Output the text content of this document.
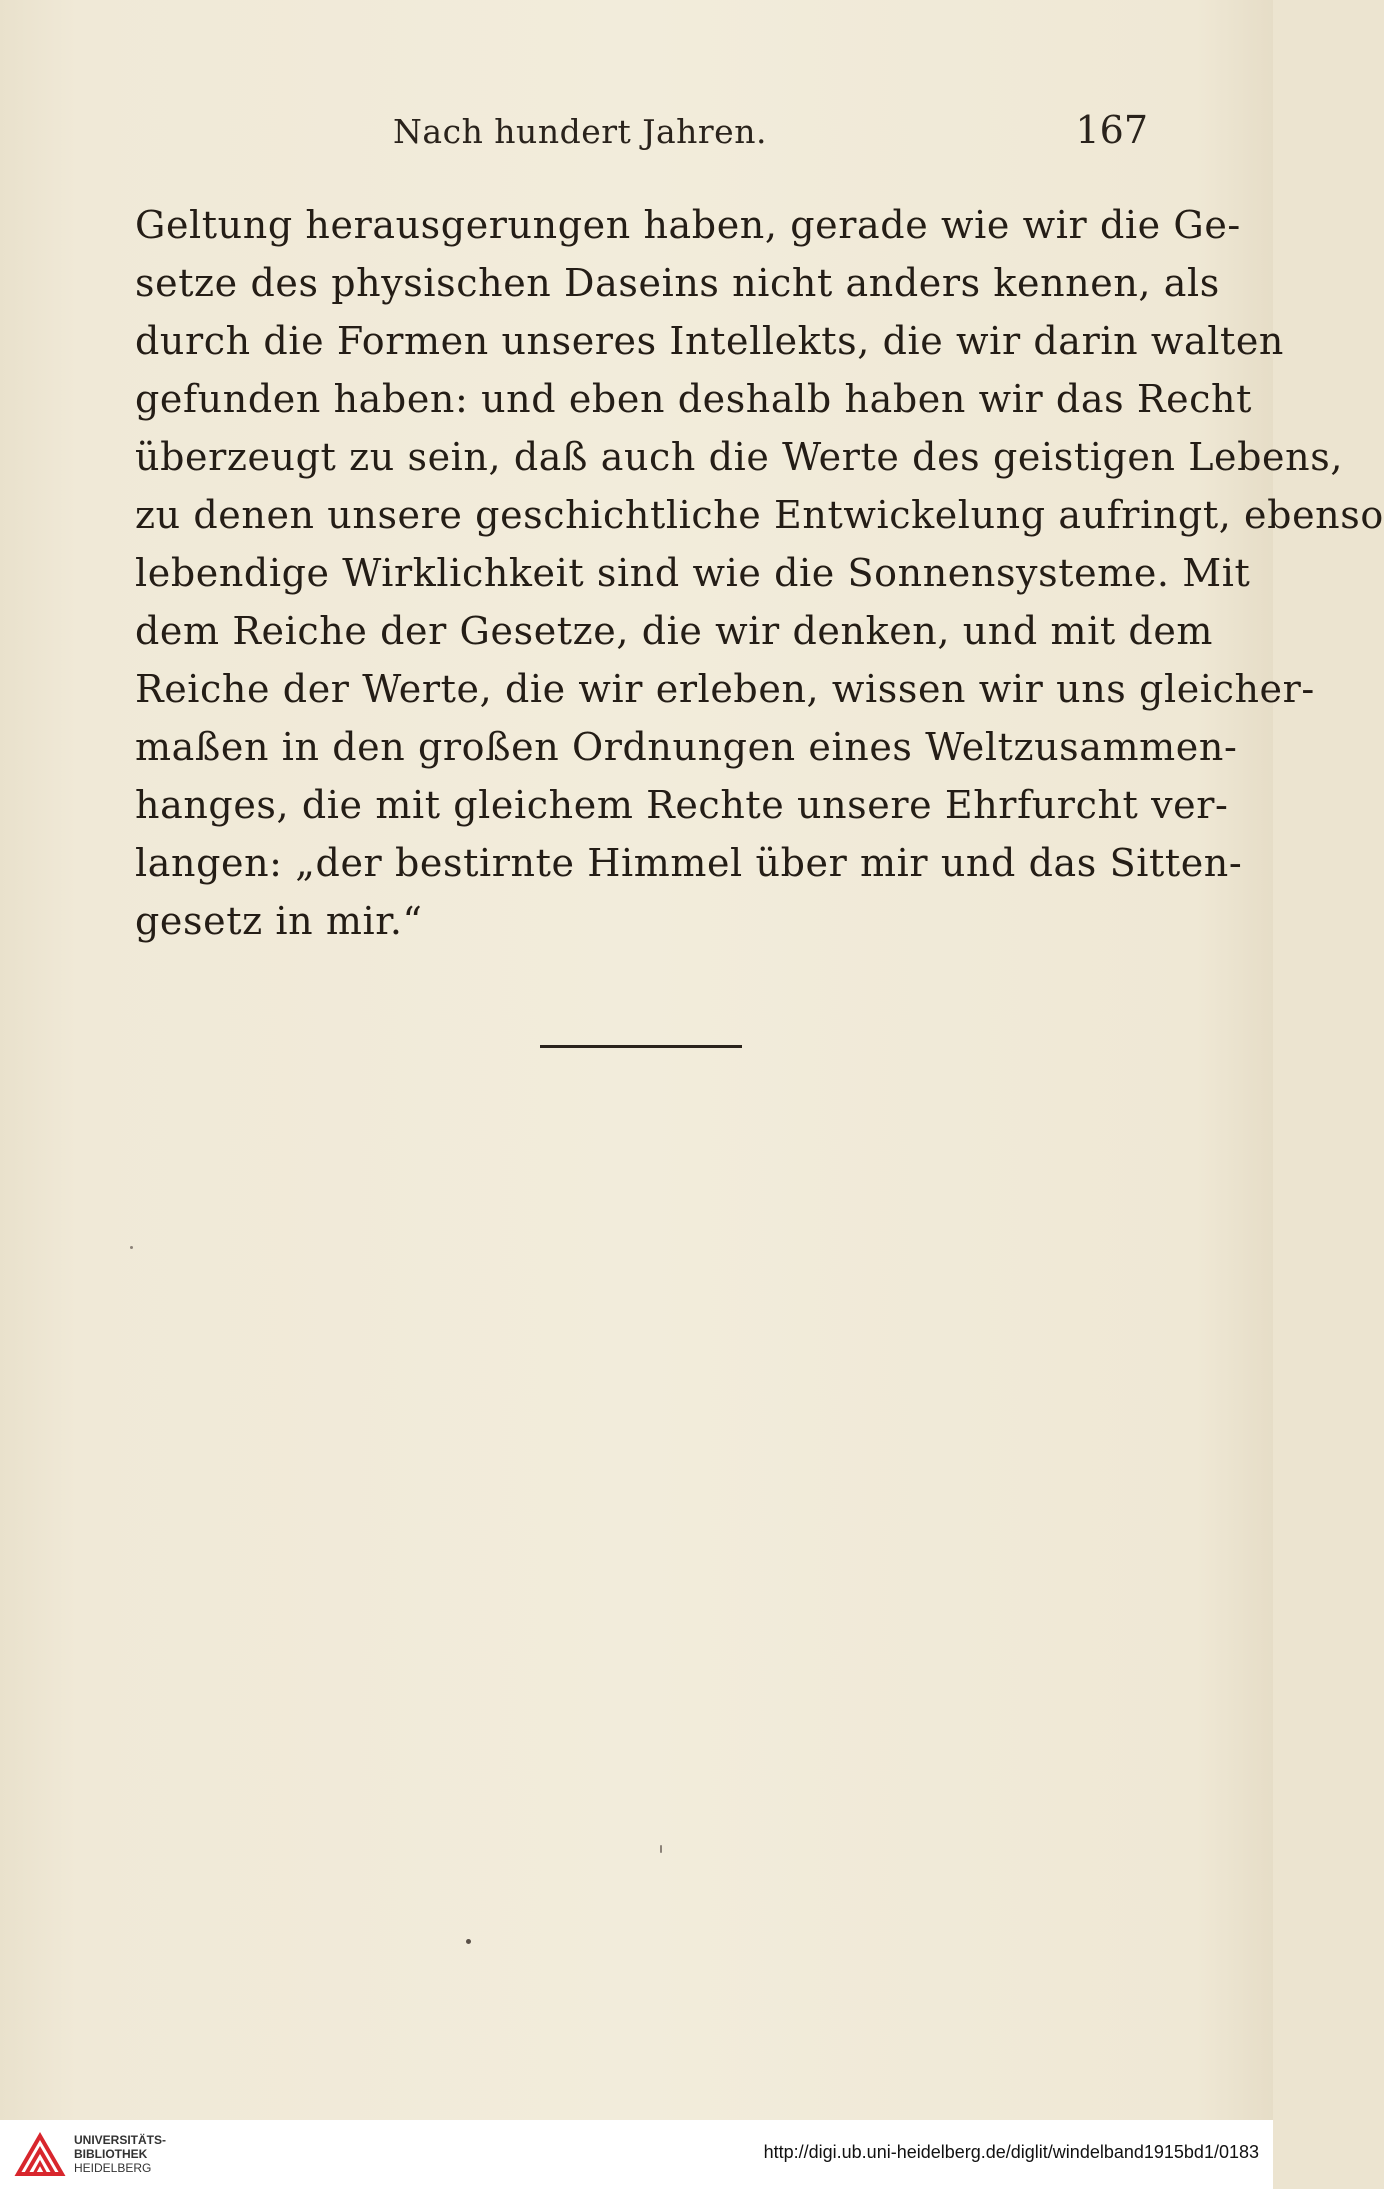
Nach hundert Jahren.	167
Geltung herausgerungen haben, gerade wie wir die Ge-
setze des physischen Daseins nicht anders kennen, als
durch die Formen unseres Intellekts, die wir darin walten
gefunden haben: und eben deshalb haben wir das Recht
überzeugt zu sein, daß auch die Werte des geistigen Lebens,
zu denen unsere geschichtliche Entwickelung aufringt, ebenso
lebendige Wirklichkeit sind wie die Sonnensysteme. Mit
dem Reiche der Gesetze, die wir denken, und mit dem
Reiche der Werte, die wir erleben, wissen wir uns gleicher-
maßen in den großen Ordnungen eines Weltzusammen-
hanges, die mit gleichem Rechte unsere Ehrfurcht ver-
langen: „der bestirnte Himmel über mir und das Sitten-
gesetz in mir.“
UNIVERSITÄTS-
BIBLIOTHEK
HEIDELBERG
http://digi.ub.uni-heidelberg.de/diglit/windelband1915bd1/0183
